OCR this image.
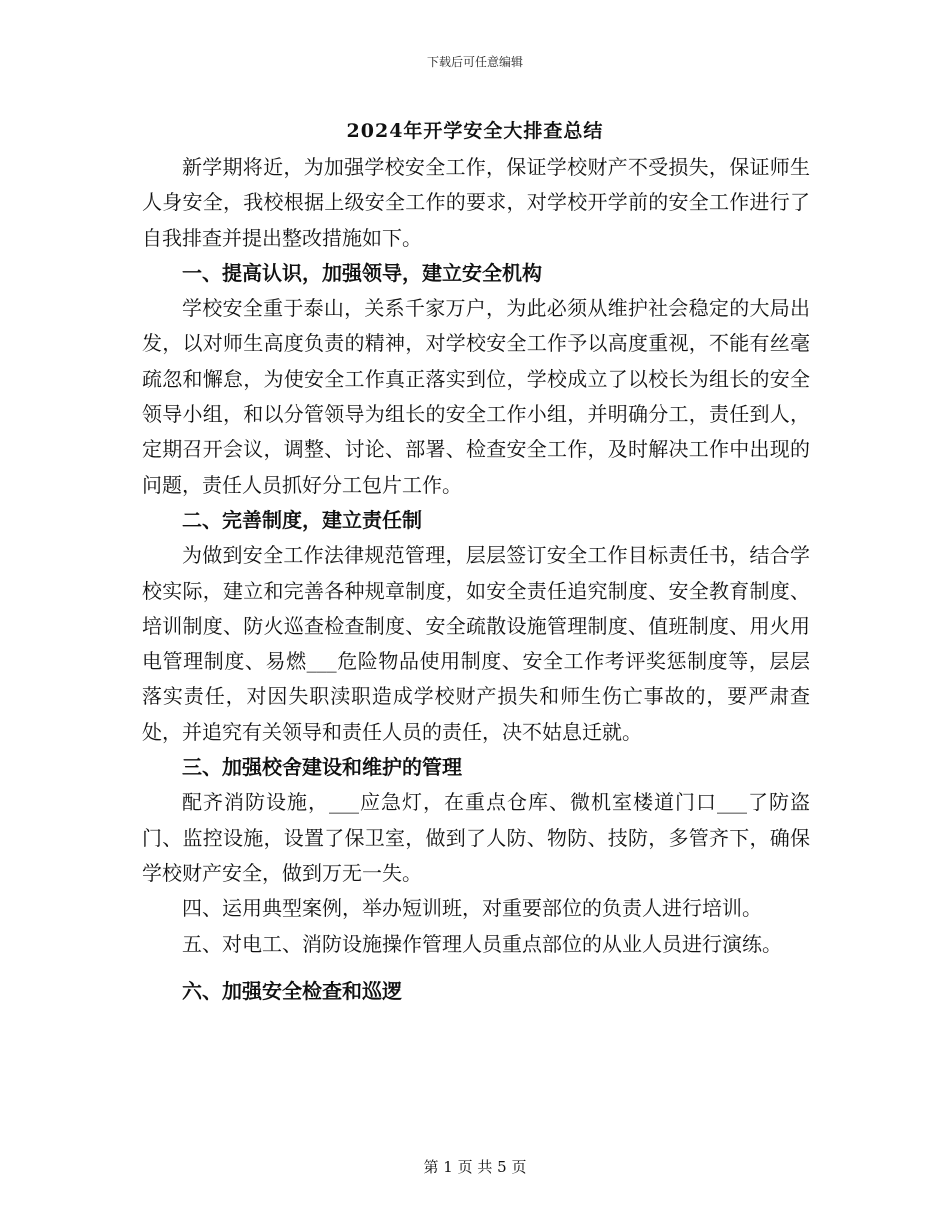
下载后可任意编辑
2024年开学安全大排查总结

新学期将近，为加强学校安全工作，保证学校财产不受损失，保证师生人身安全，我校根据上级安全工作的要求，对学校开学前的安全工作进行了自我排查并提出整改措施如下。

一、提高认识，加强领导，建立安全机构

学校安全重于泰山，关系千家万户，为此必须从维护社会稳定的大局出发，以对师生高度负责的精神，对学校安全工作予以高度重视，不能有丝毫疏忽和懈怠，为使安全工作真正落实到位，学校成立了以校长为组长的安全领导小组，和以分管领导为组长的安全工作小组，并明确分工，责任到人，定期召开会议，调整、讨论、部署、检查安全工作，及时解决工作中出现的问题，责任人员抓好分工包片工作。

二、完善制度，建立责任制

为做到安全工作法律规范管理，层层签订安全工作目标责任书，结合学校实际，建立和完善各种规章制度，如安全责任追究制度、安全教育制度、培训制度、防火巡查检查制度、安全疏散设施管理制度、值班制度、用火用电管理制度、易燃___危险物品使用制度、安全工作考评奖惩制度等，层层落实责任，对因失职渎职造成学校财产损失和师生伤亡事故的，要严肃查处，并追究有关领导和责任人员的责任，决不姑息迁就。

三、加强校舍建设和维护的管理

配齐消防设施，___应急灯，在重点仓库、微机室楼道门口___了防盗门、监控设施，设置了保卫室，做到了人防、物防、技防，多管齐下，确保学校财产安全，做到万无一失。

四、运用典型案例，举办短训班，对重要部位的负责人进行培训。

五、对电工、消防设施操作管理人员重点部位的从业人员进行演练。

六、加强安全检查和巡逻

第 1 页 共 5 页
